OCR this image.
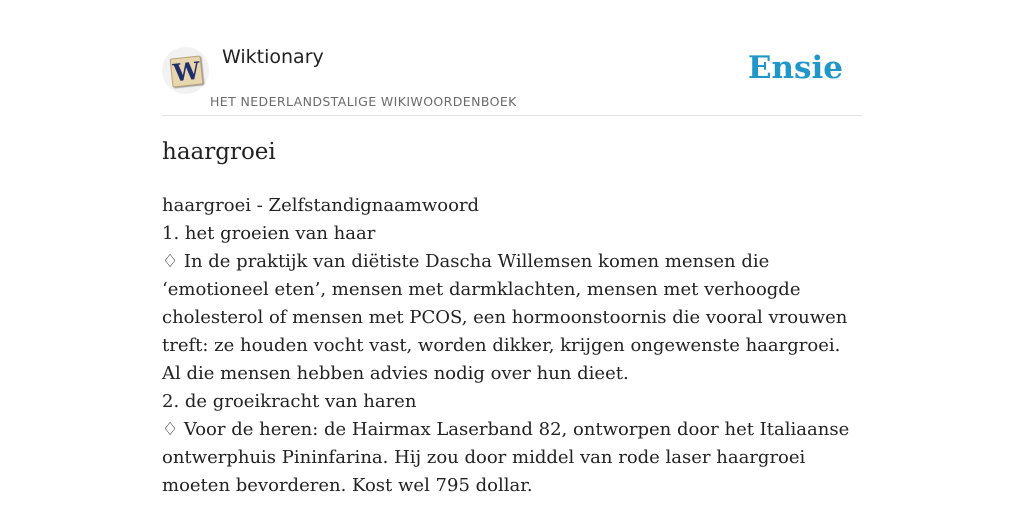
W Wiktionary
HET NEDERLANDSTALIGE WIKIWOORDENBOEK
Ensie
haargroei

haargroei - Zelfstandignaamwoord

1. het groeien van haar

♢ In de praktijk van diëtiste Dascha Willemsen komen mensen die ‘emotioneel eten’, mensen met darmklachten, mensen met verhoogde cholesterol of mensen met PCOS, een hormoonstoornis die vooral vrouwen treft: ze houden vocht vast, worden dikker, krijgen ongewenste haargroei. Al die mensen hebben advies nodig over hun dieet.

2. de groeikracht van haren

♢ Voor de heren: de Hairmax Laserband 82, ontworpen door het Italiaanse ontwerphuis Pininfarina. Hij zou door middel van rode laser haargroei moeten bevorderen. Kost wel 795 dollar.
